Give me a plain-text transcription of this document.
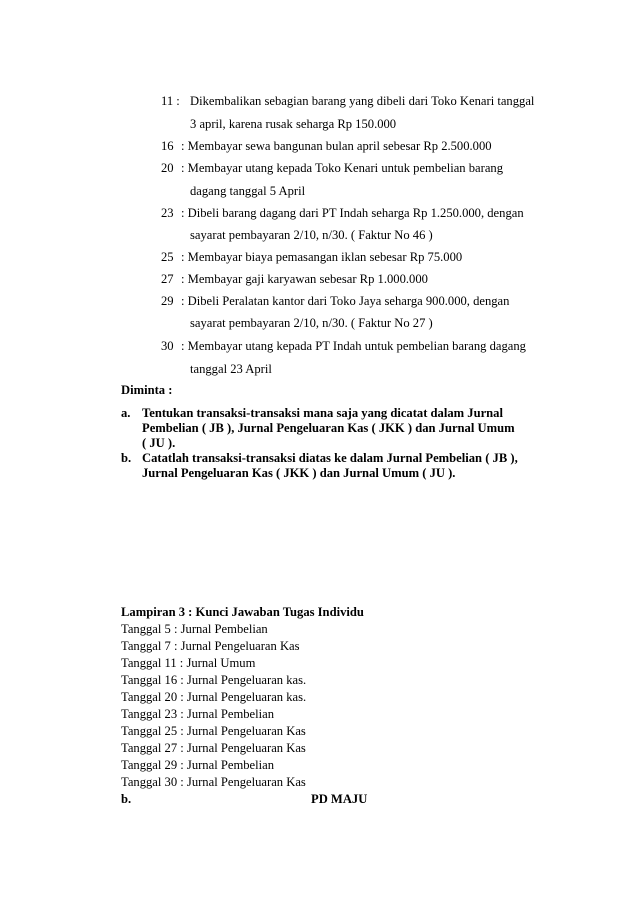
11 : Dikembalikan sebagian barang yang dibeli dari Toko Kenari tanggal
3 april, karena rusak seharga Rp 150.000
16 : Membayar sewa bangunan bulan april sebesar Rp 2.500.000
20 : Membayar utang kepada Toko Kenari untuk pembelian barang
dagang tanggal 5 April
23 : Dibeli barang dagang dari PT Indah seharga Rp 1.250.000, dengan
sayarat pembayaran 2/10, n/30. ( Faktur No 46 )
25 : Membayar biaya pemasangan iklan sebesar Rp 75.000
27 : Membayar gaji karyawan sebesar Rp 1.000.000
29 : Dibeli Peralatan kantor dari Toko Jaya seharga 900.000, dengan
sayarat pembayaran 2/10, n/30. ( Faktur No 27 )
30 : Membayar utang kepada PT Indah untuk pembelian barang dagang
tanggal 23 April
Diminta :
a. Tentukan transaksi-transaksi mana saja yang dicatat dalam Jurnal
Pembelian ( JB ), Jurnal Pengeluaran Kas ( JKK ) dan Jurnal Umum
( JU ).
b. Catatlah transaksi-transaksi diatas ke dalam Jurnal Pembelian ( JB ),
Jurnal Pengeluaran Kas ( JKK ) dan Jurnal Umum ( JU ).
Lampiran 3 : Kunci Jawaban Tugas Individu
Tanggal 5 : Jurnal Pembelian
Tanggal 7 : Jurnal Pengeluaran Kas
Tanggal 11 : Jurnal Umum
Tanggal 16 : Jurnal Pengeluaran kas.
Tanggal 20 : Jurnal Pengeluaran kas.
Tanggal 23 : Jurnal Pembelian
Tanggal 25 : Jurnal Pengeluaran Kas
Tanggal 27 : Jurnal Pengeluaran Kas
Tanggal 29 : Jurnal Pembelian
Tanggal 30 : Jurnal Pengeluaran Kas
b.	PD MAJU
